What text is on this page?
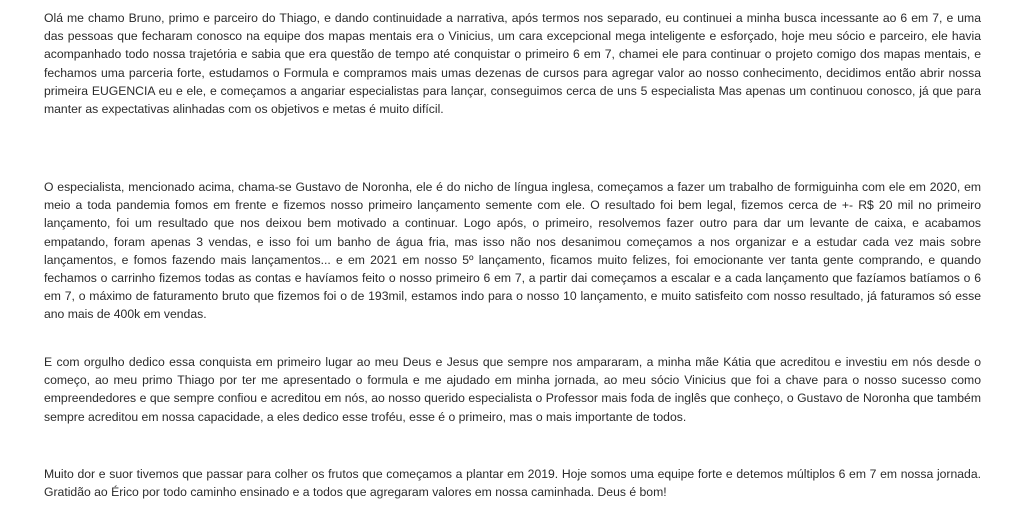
Olá me chamo Bruno, primo e parceiro do Thiago, e dando continuidade a narrativa, após termos nos separado, eu continuei a minha busca incessante ao 6 em 7, e uma das pessoas que fecharam conosco na equipe dos mapas mentais era o Vinicius, um cara excepcional mega inteligente e esforçado, hoje meu sócio e parceiro, ele havia acompanhado todo nossa trajetória e sabia que era questão de tempo até conquistar o primeiro 6 em 7, chamei ele para continuar o projeto comigo dos mapas mentais, e fechamos uma parceria forte, estudamos o Formula e compramos mais umas dezenas de cursos para agregar valor ao nosso conhecimento, decidimos então abrir nossa primeira EUGENCIA eu e ele, e começamos a angariar especialistas para lançar, conseguimos cerca de uns 5 especialista Mas apenas um continuou conosco, já que para manter as expectativas alinhadas com os objetivos e metas é muito difícil.

O especialista, mencionado acima, chama-se Gustavo de Noronha, ele é do nicho de língua inglesa, começamos a fazer um trabalho de formiguinha com ele em 2020, em meio a toda pandemia fomos em frente e fizemos nosso primeiro lançamento semente com ele. O resultado foi bem legal, fizemos cerca de +- R$ 20 mil no primeiro lançamento, foi um resultado que nos deixou bem motivado a continuar. Logo após, o primeiro, resolvemos fazer outro para dar um levante de caixa, e acabamos empatando, foram apenas 3 vendas, e isso foi um banho de água fria, mas isso não nos desanimou começamos a nos organizar e a estudar cada vez mais sobre lançamentos, e fomos fazendo mais lançamentos... e em 2021 em nosso 5º lançamento, ficamos muito felizes, foi emocionante ver tanta gente comprando, e quando fechamos o carrinho fizemos todas as contas e havíamos feito o nosso primeiro 6 em 7, a partir dai começamos a escalar e a cada lançamento que fazíamos batíamos o 6 em 7, o máximo de faturamento bruto que fizemos foi o de 193mil, estamos indo para o nosso 10 lançamento, e muito satisfeito com nosso resultado, já faturamos só esse ano mais de 400k em vendas.

E com orgulho dedico essa conquista em primeiro lugar ao meu Deus e Jesus que sempre nos ampararam, a minha mãe Kátia que acreditou e investiu em nós desde o começo, ao meu primo Thiago por ter me apresentado o formula e me ajudado em minha jornada, ao meu sócio Vinicius que foi a chave para o nosso sucesso como empreendedores e que sempre confiou e acreditou em nós, ao nosso querido especialista o Professor mais foda de inglês que conheço, o Gustavo de Noronha que também sempre acreditou em nossa capacidade, a eles dedico esse troféu, esse é o primeiro, mas o mais importante de todos.

Muito dor e suor tivemos que passar para colher os frutos que começamos a plantar em 2019. Hoje somos uma equipe forte e detemos múltiplos 6 em 7 em nossa jornada. Gratidão ao Érico por todo caminho ensinado e a todos que agregaram valores em nossa caminhada. Deus é bom!
